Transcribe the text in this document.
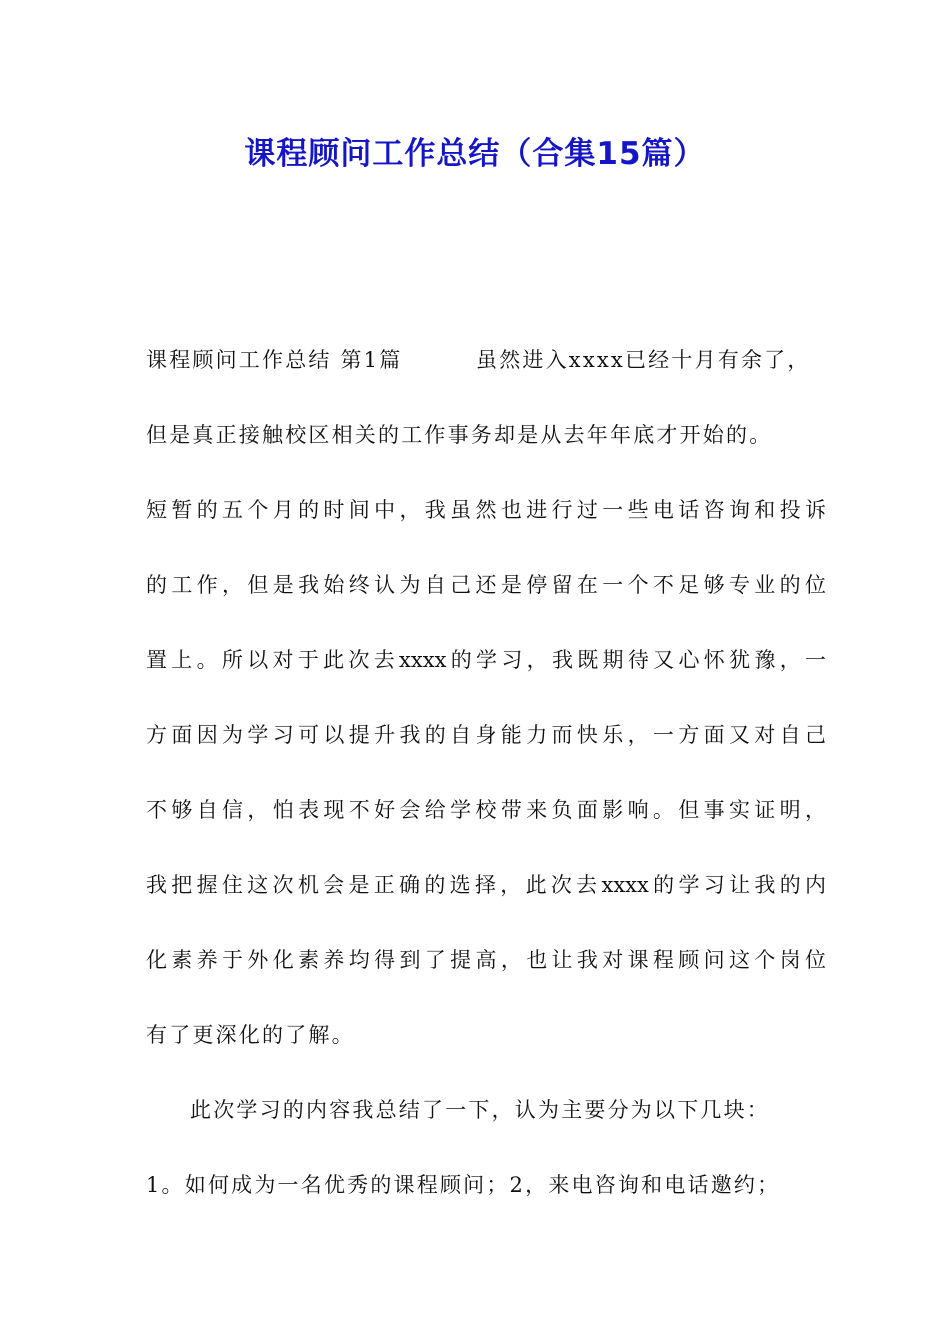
课程顾问工作总结（合集15篇）
课程顾问工作总结 第1篇	虽然进入xxxx已经十月有余了，
但是真正接触校区相关的工作事务却是从去年年底才开始的。
短暂的五个月的时间中，我虽然也进行过一些电话咨询和投诉
的工作，但是我始终认为自己还是停留在一个不足够专业的位
置上。所以对于此次去xxxx的学习，我既期待又心怀犹豫，一
方面因为学习可以提升我的自身能力而快乐，一方面又对自己
不够自信，怕表现不好会给学校带来负面影响。但事实证明，
我把握住这次机会是正确的选择，此次去xxxx的学习让我的内
化素养于外化素养均得到了提高，也让我对课程顾问这个岗位
有了更深化的了解。
此次学习的内容我总结了一下，认为主要分为以下几块：
1。如何成为一名优秀的课程顾问；2，来电咨询和电话邀约；
